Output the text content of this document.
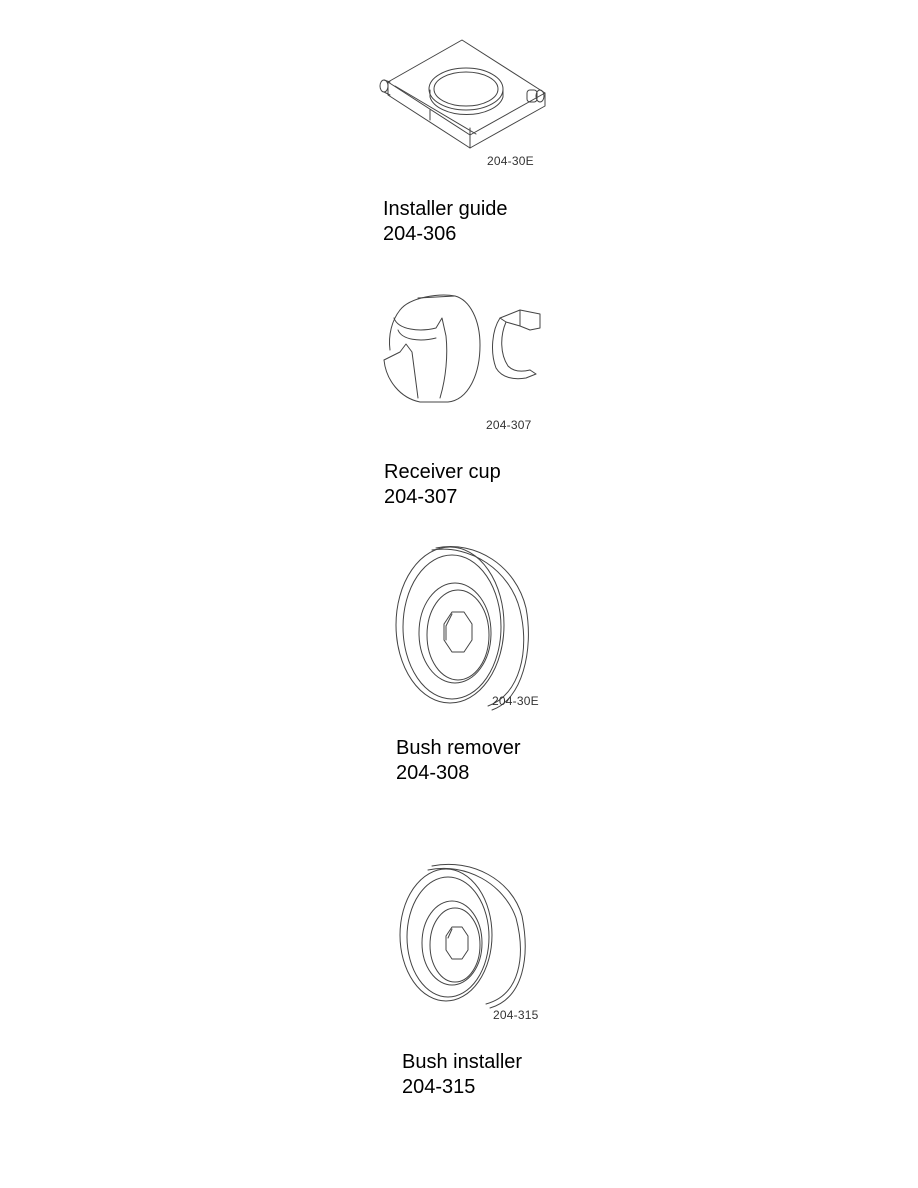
204-30E
Installer guide
204-306
204-307
Receiver cup
204-307
204-30E
Bush remover
204-308
204-315
Bush installer
204-315
